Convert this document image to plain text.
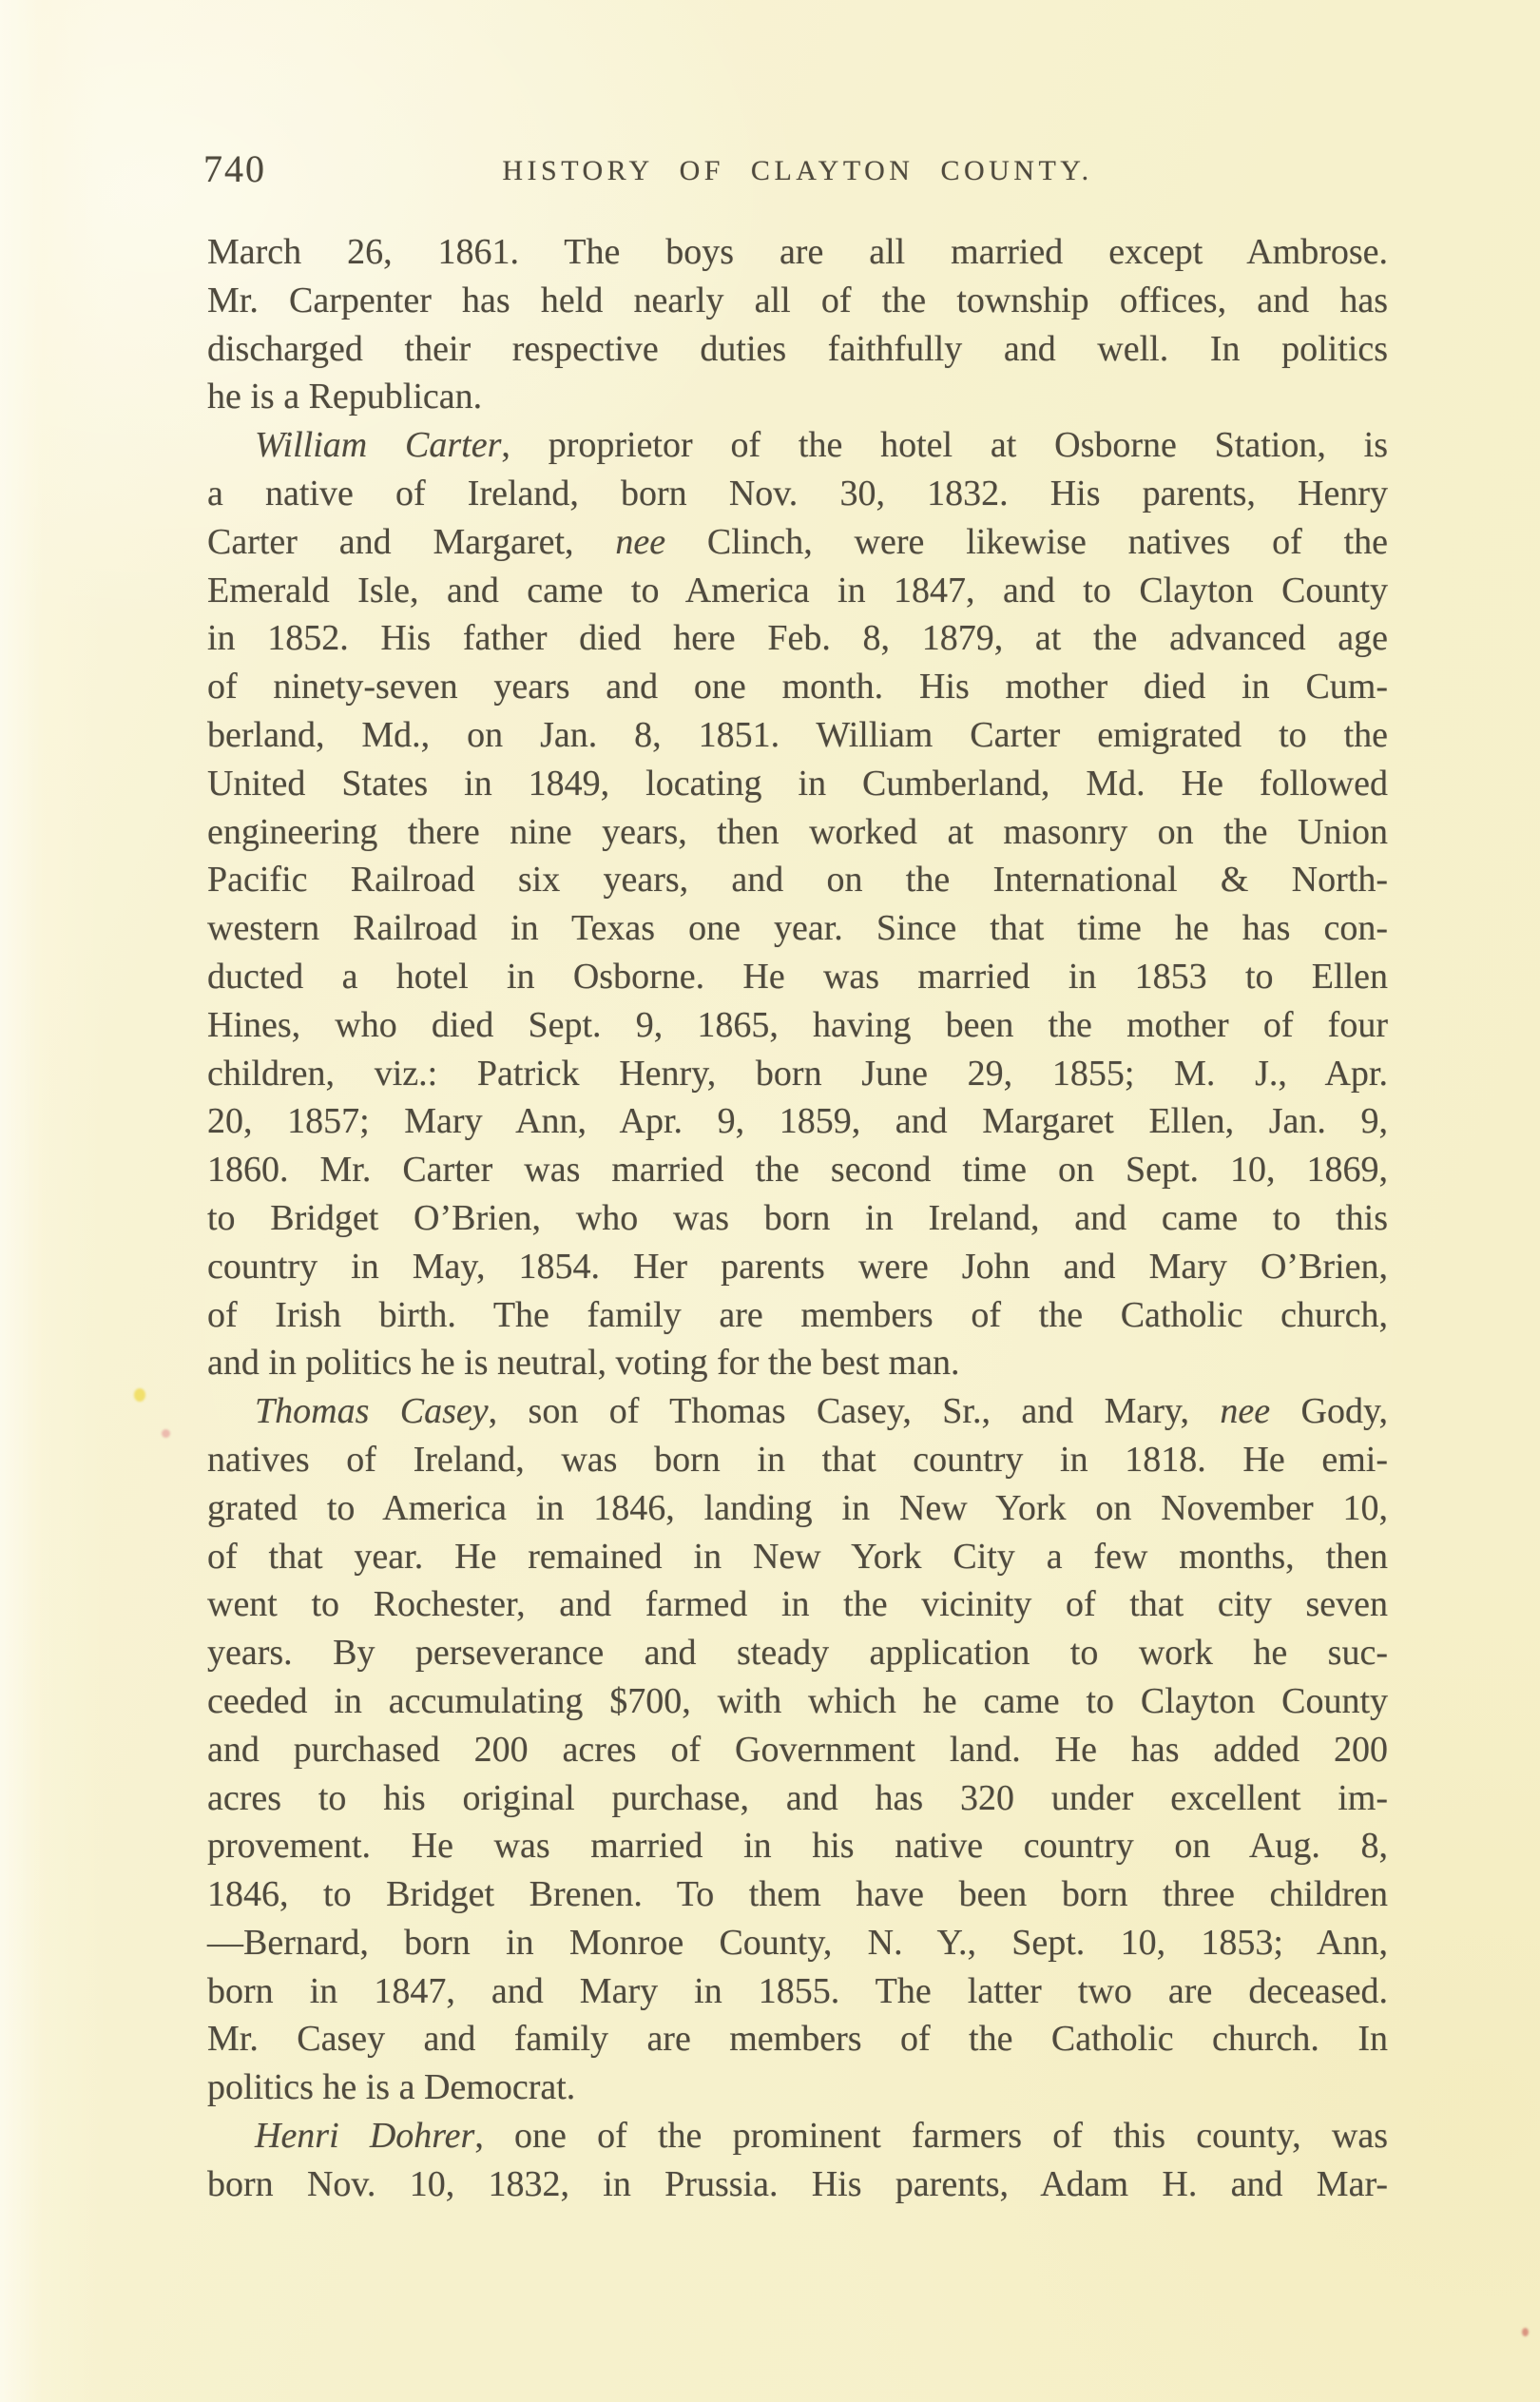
740	HISTORY OF CLAYTON COUNTY.
March 26, 1861. The boys are all married except Ambrose.
Mr. Carpenter has held nearly all of the township offices, and has
discharged their respective duties faithfully and well. In politics
he is a Republican.
William Carter, proprietor of the hotel at Osborne Station, is
a native of Ireland, born Nov. 30, 1832. His parents, Henry
Carter and Margaret, nee Clinch, were likewise natives of the
Emerald Isle, and came to America in 1847, and to Clayton County
in 1852. His father died here Feb. 8, 1879, at the advanced age
of ninety-seven years and one month. His mother died in Cum-
berland, Md., on Jan. 8, 1851. William Carter emigrated to the
United States in 1849, locating in Cumberland, Md. He followed
engineering there nine years, then worked at masonry on the Union
Pacific Railroad six years, and on the International & North-
western Railroad in Texas one year. Since that time he has con-
ducted a hotel in Osborne. He was married in 1853 to Ellen
Hines, who died Sept. 9, 1865, having been the mother of four
children, viz.: Patrick Henry, born June 29, 1855; M. J., Apr.
20, 1857; Mary Ann, Apr. 9, 1859, and Margaret Ellen, Jan. 9,
1860. Mr. Carter was married the second time on Sept. 10, 1869,
to Bridget O’Brien, who was born in Ireland, and came to this
country in May, 1854. Her parents were John and Mary O’Brien,
of Irish birth. The family are members of the Catholic church,
and in politics he is neutral, voting for the best man.
Thomas Casey, son of Thomas Casey, Sr., and Mary, nee Gody,
natives of Ireland, was born in that country in 1818. He emi-
grated to America in 1846, landing in New York on November 10,
of that year. He remained in New York City a few months, then
went to Rochester, and farmed in the vicinity of that city seven
years. By perseverance and steady application to work he suc-
ceeded in accumulating $700, with which he came to Clayton County
and purchased 200 acres of Government land. He has added 200
acres to his original purchase, and has 320 under excellent im-
provement. He was married in his native country on Aug. 8,
1846, to Bridget Brenen. To them have been born three children
—Bernard, born in Monroe County, N. Y., Sept. 10, 1853; Ann,
born in 1847, and Mary in 1855. The latter two are deceased.
Mr. Casey and family are members of the Catholic church. In
politics he is a Democrat.
Henri Dohrer, one of the prominent farmers of this county, was
born Nov. 10, 1832, in Prussia. His parents, Adam H. and Mar-
